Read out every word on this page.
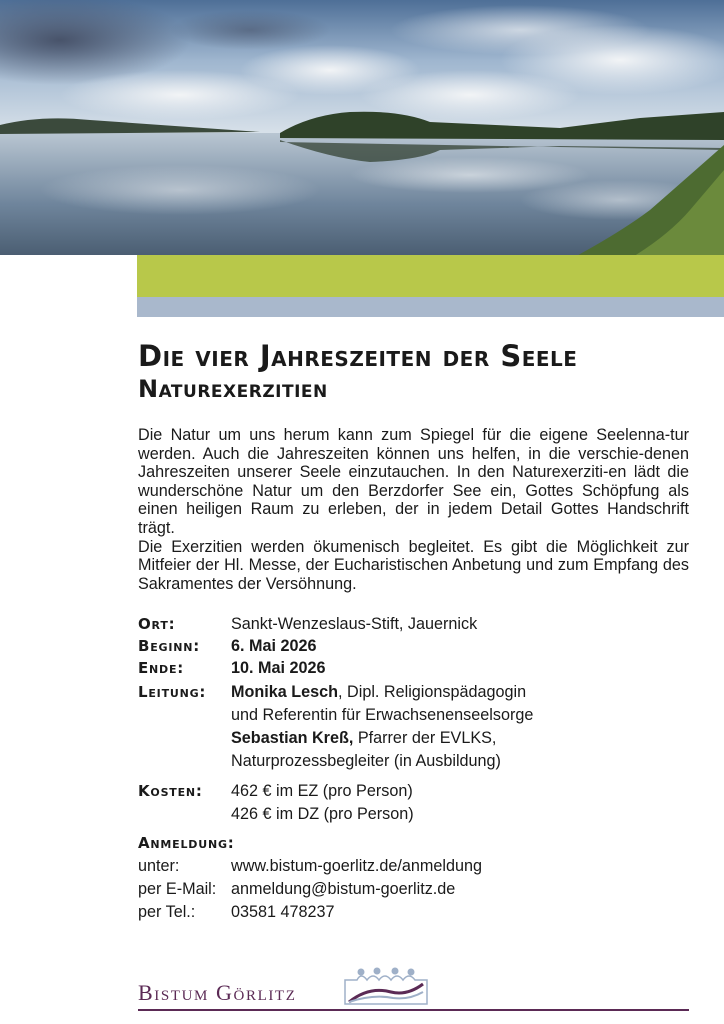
Die vier Jahreszeiten der Seele
Naturexerzitien

Die Natur um uns herum kann zum Spiegel für die eigene Seelenna-tur werden. Auch die Jahreszeiten können uns helfen, in die verschie-denen Jahreszeiten unserer Seele einzutauchen. In den Naturexerziti-en lädt die wunderschöne Natur um den Berzdorfer See ein, Gottes Schöpfung als einen heiligen Raum zu erleben, der in jedem Detail Gottes Handschrift trägt.

Die Exerzitien werden ökumenisch begleitet. Es gibt die Möglichkeit zur Mitfeier der Hl. Messe, der Eucharistischen Anbetung und zum Empfang des Sakramentes der Versöhnung.

Ort:	Sankt-Wenzeslaus-Stift, Jauernick
Beginn: 6. Mai 2026
Ende:	10. Mai 2026
Leitung: Monika Lesch, Dipl. Religionspädagogin
und Referentin für Erwachsenenseelsorge
Sebastian Kreß, Pfarrer der EVLKS,
Naturprozessbegleiter (in Ausbildung)
Kosten: 462 € im EZ (pro Person)
426 € im DZ (pro Person)
Anmeldung:
unter:	www.bistum-goerlitz.de/anmeldung
per E-Mail: anmeldung@bistum-goerlitz.de
per Tel.: 03581 478237
Bistum Görlitz
